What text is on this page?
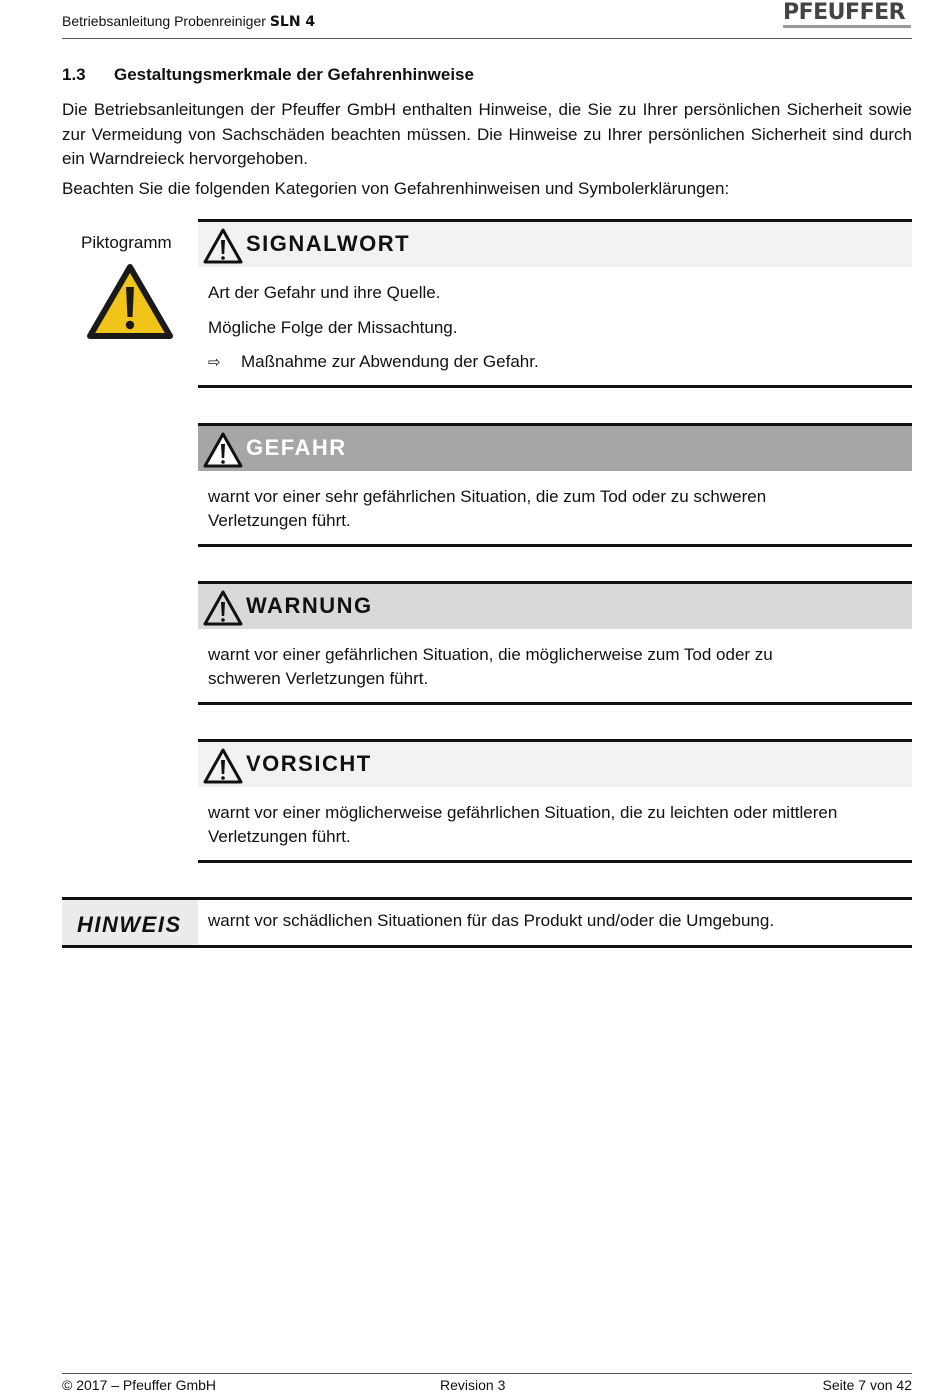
Betriebsanleitung Probenreiniger SLN 4	PFEUFFER
1.3 Gestaltungsmerkmale der Gefahrenhinweise
Die Betriebsanleitungen der Pfeuffer GmbH enthalten Hinweise, die Sie zu Ihrer persönlichen Sicherheit sowie zur Vermeidung von Sachschäden beachten müssen. Die Hinweise zu Ihrer persönlichen Sicherheit sind durch ein Warndreieck hervorgehoben.
Beachten Sie die folgenden Kategorien von Gefahrenhinweisen und Symbolerklärungen:
Piktogramm	SIGNALWORT
Art der Gefahr und ihre Quelle.
Mögliche Folge der Missachtung.
⇨ Maßnahme zur Abwendung der Gefahr.
GEFAHR
warnt vor einer sehr gefährlichen Situation, die zum Tod oder zu schweren
Verletzungen führt.
WARNUNG
warnt vor einer gefährlichen Situation, die möglicherweise zum Tod oder zu
schweren Verletzungen führt.
VORSICHT
warnt vor einer möglicherweise gefährlichen Situation, die zu leichten oder mittleren
Verletzungen führt.
HINWEIS warnt vor schädlichen Situationen für das Produkt und/oder die Umgebung.
© 2017 – Pfeuffer GmbH	Revision 3	Seite 7 von 42
